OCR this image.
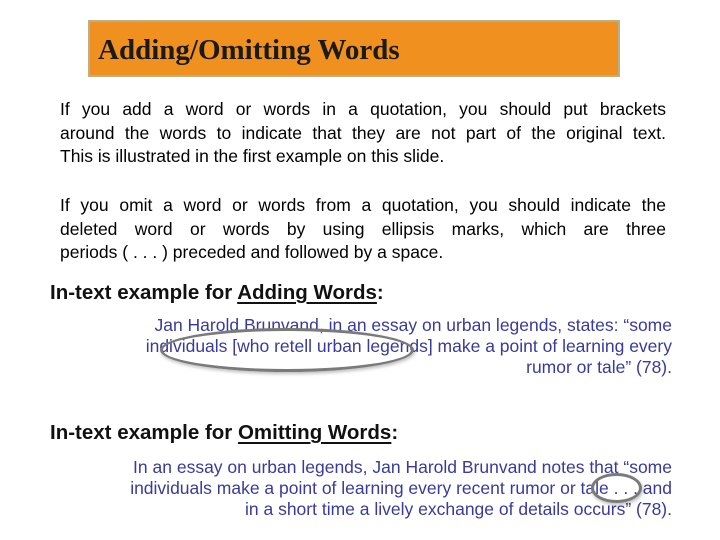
Adding/Omitting Words
If you add a word or words in a quotation, you should put brackets
around the words to indicate that they are not part of the original text.
This is illustrated in the first example on this slide.
If you omit a word or words from a quotation, you should indicate the
deleted word or words by using ellipsis marks, which are three
periods ( . . . ) preceded and followed by a space.
In-text example for Adding Words:
Jan Harold Brunvand, in an essay on urban legends, states: “some
individuals [who retell urban legends] make a point of learning every
rumor or tale” (78).
In-text example for Omitting Words:
In an essay on urban legends, Jan Harold Brunvand notes that “some
individuals make a point of learning every recent rumor or tale . . . and
in a short time a lively exchange of details occurs” (78).
